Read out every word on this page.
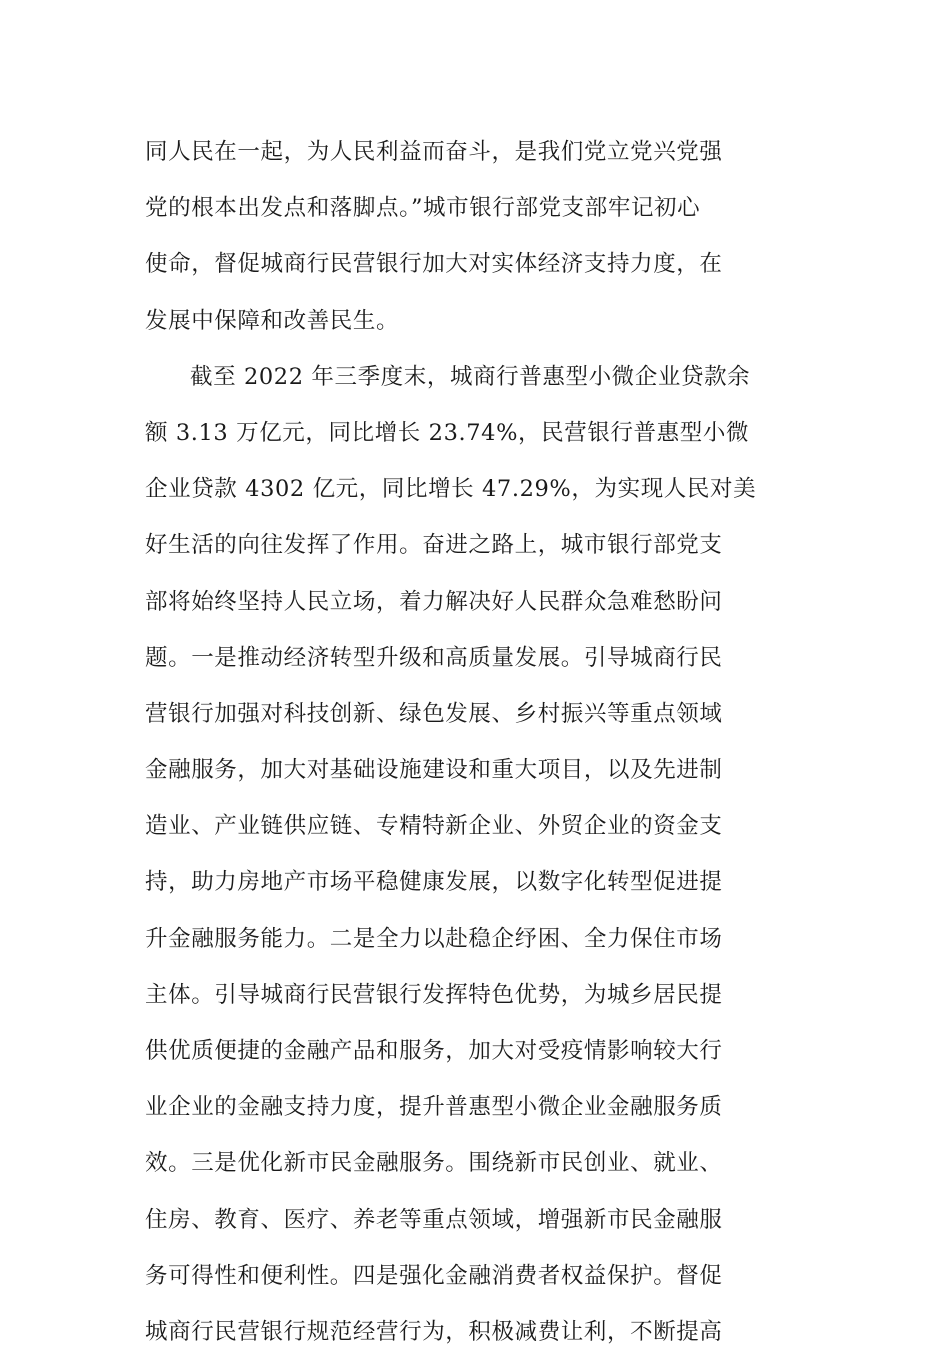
同人民在一起，为人民利益而奋斗，是我们党立党兴党强
党的根本出发点和落脚点。”城市银行部党支部牢记初心
使命，督促城商行民营银行加大对实体经济支持力度，在
发展中保障和改善民生。
截至 2022 年三季度末，城商行普惠型小微企业贷款余
额 3.13 万亿元，同比增长 23.74%，民营银行普惠型小微
企业贷款 4302 亿元，同比增长 47.29%，为实现人民对美
好生活的向往发挥了作用。奋进之路上，城市银行部党支
部将始终坚持人民立场，着力解决好人民群众急难愁盼问
题。一是推动经济转型升级和高质量发展。引导城商行民
营银行加强对科技创新、绿色发展、乡村振兴等重点领域
金融服务，加大对基础设施建设和重大项目，以及先进制
造业、产业链供应链、专精特新企业、外贸企业的资金支
持，助力房地产市场平稳健康发展，以数字化转型促进提
升金融服务能力。二是全力以赴稳企纾困、全力保住市场
主体。引导城商行民营银行发挥特色优势，为城乡居民提
供优质便捷的金融产品和服务，加大对受疫情影响较大行
业企业的金融支持力度，提升普惠型小微企业金融服务质
效。三是优化新市民金融服务。围绕新市民创业、就业、
住房、教育、医疗、养老等重点领域，增强新市民金融服
务可得性和便利性。四是强化金融消费者权益保护。督促
城商行民营银行规范经营行为，积极减费让利，不断提高
